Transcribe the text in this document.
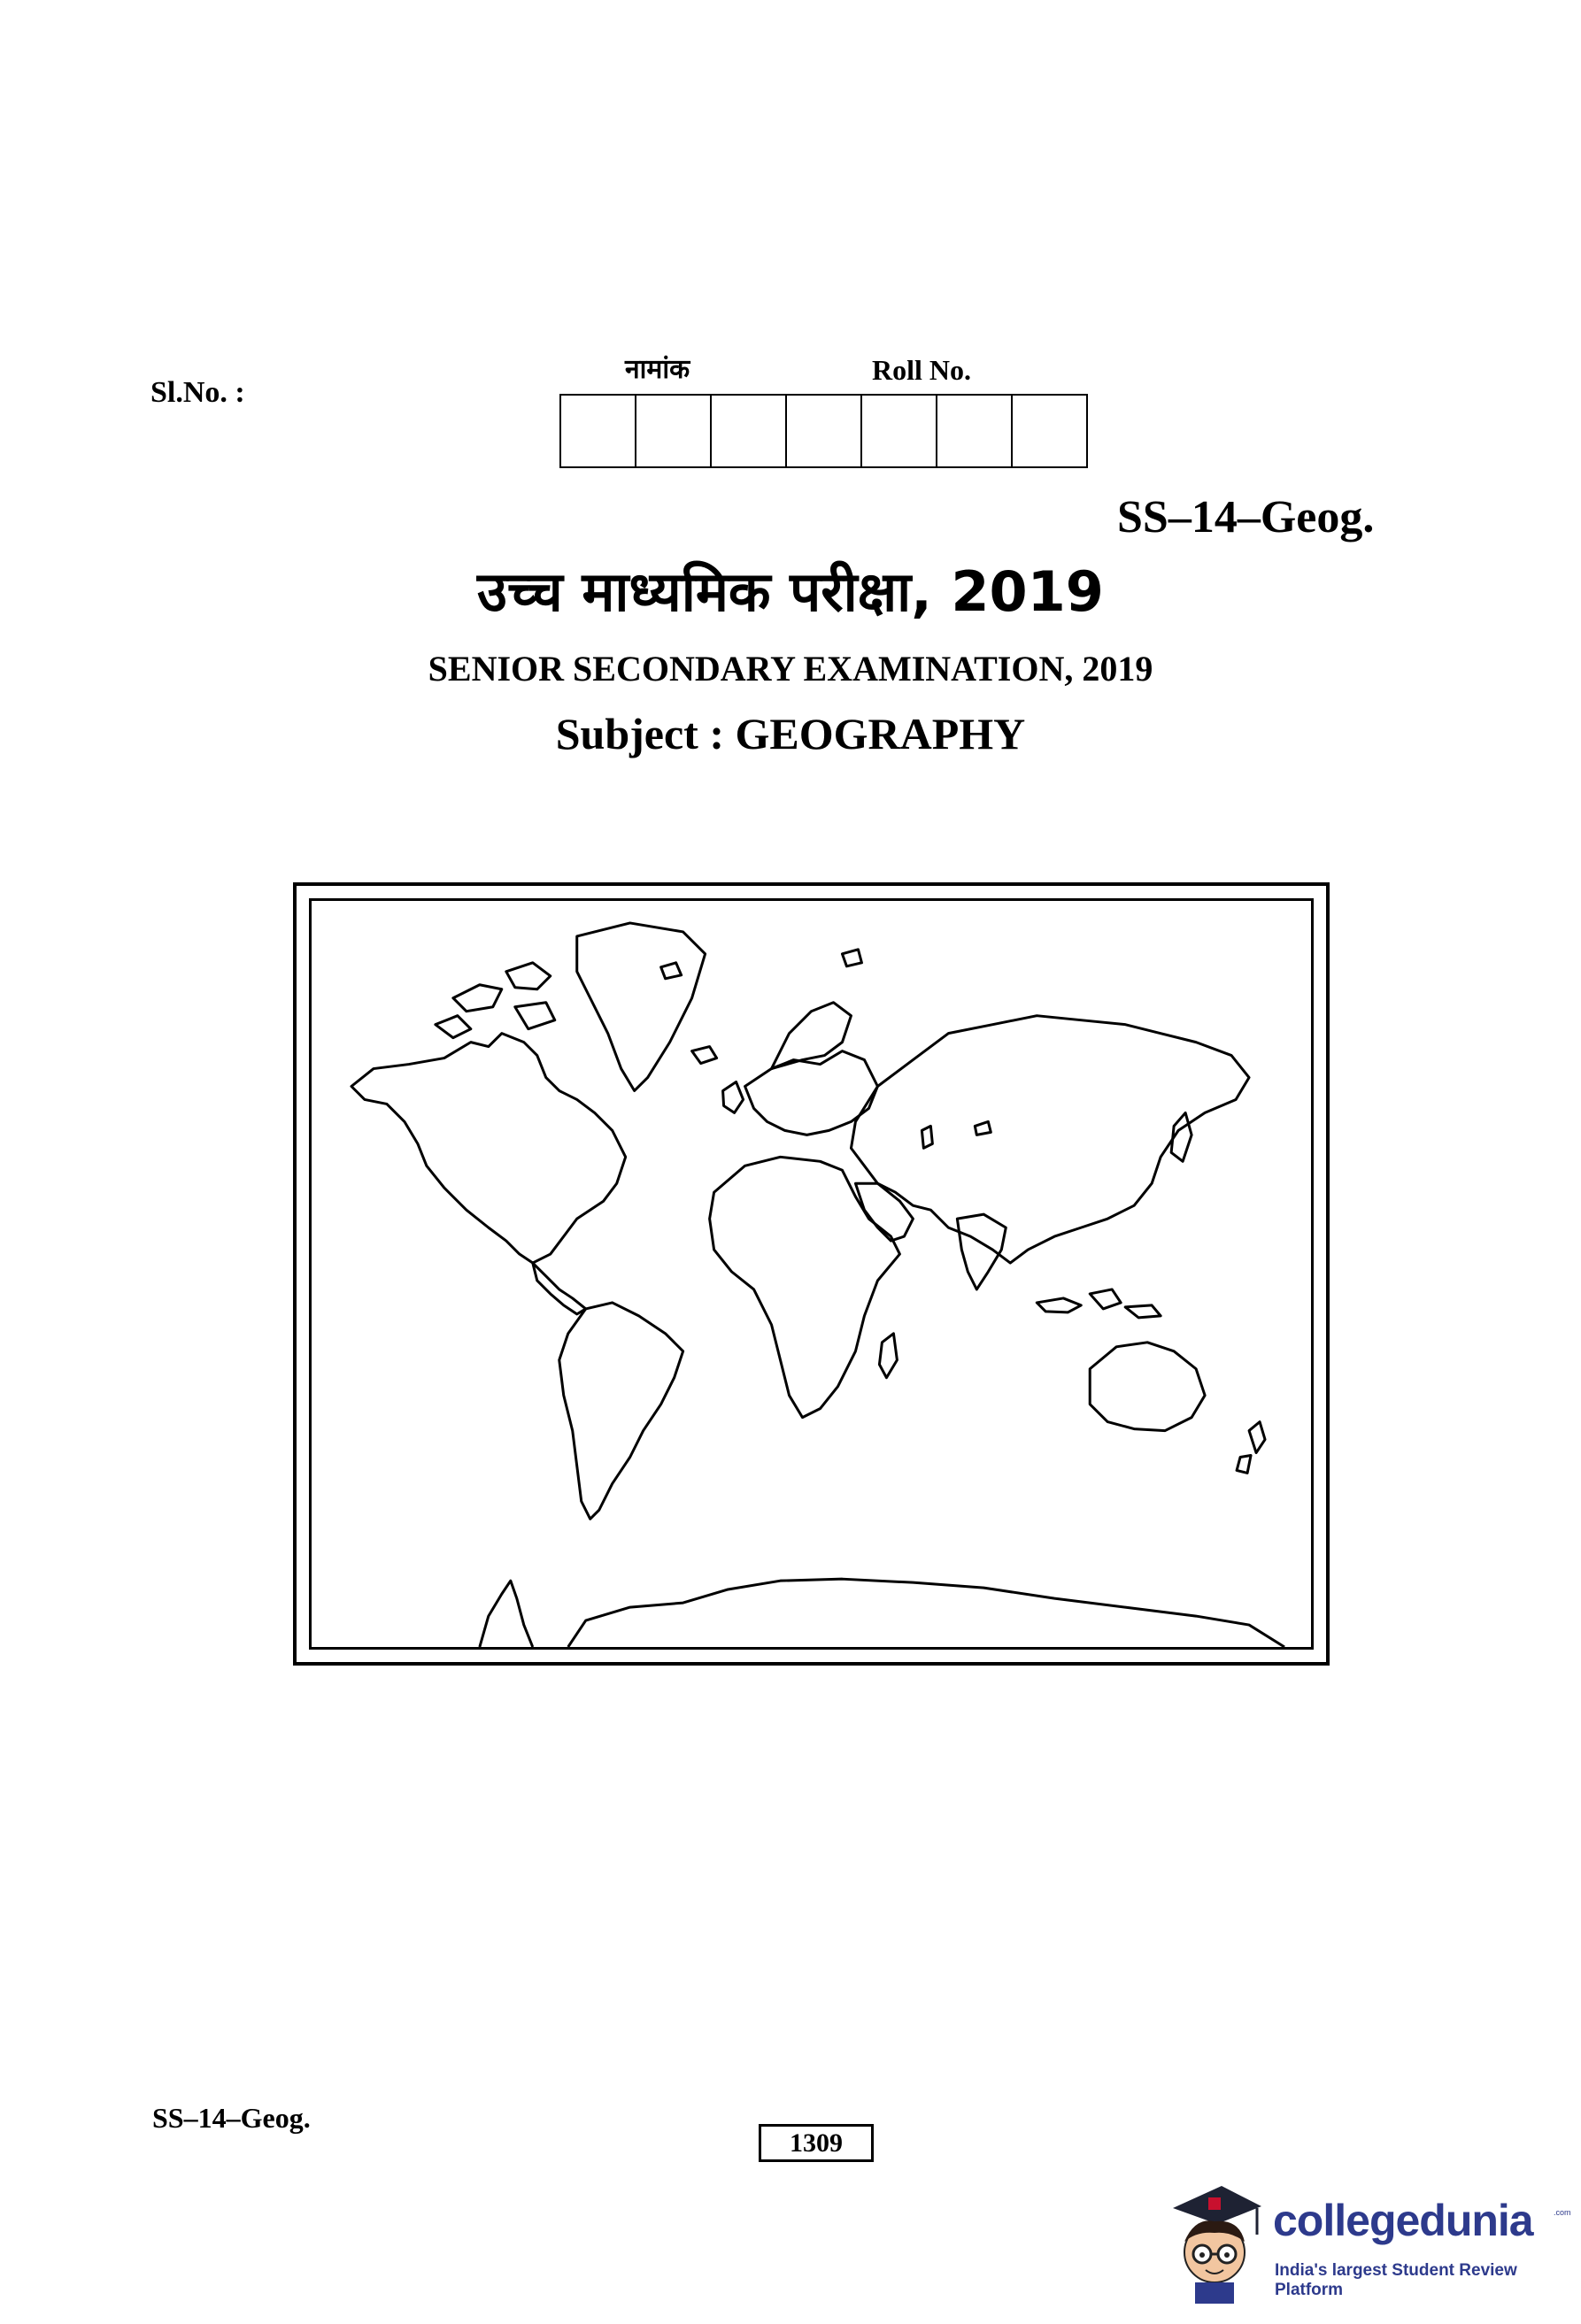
Sl.No. :
नामांक	Roll No.
SS–14–Geog.
उच्च माध्यमिक परीक्षा, 2019
SENIOR SECONDARY EXAMINATION, 2019
Subject : GEOGRAPHY
SS–14–Geog.
1309
collegedunia	.com
India's largest Student Review Platform
